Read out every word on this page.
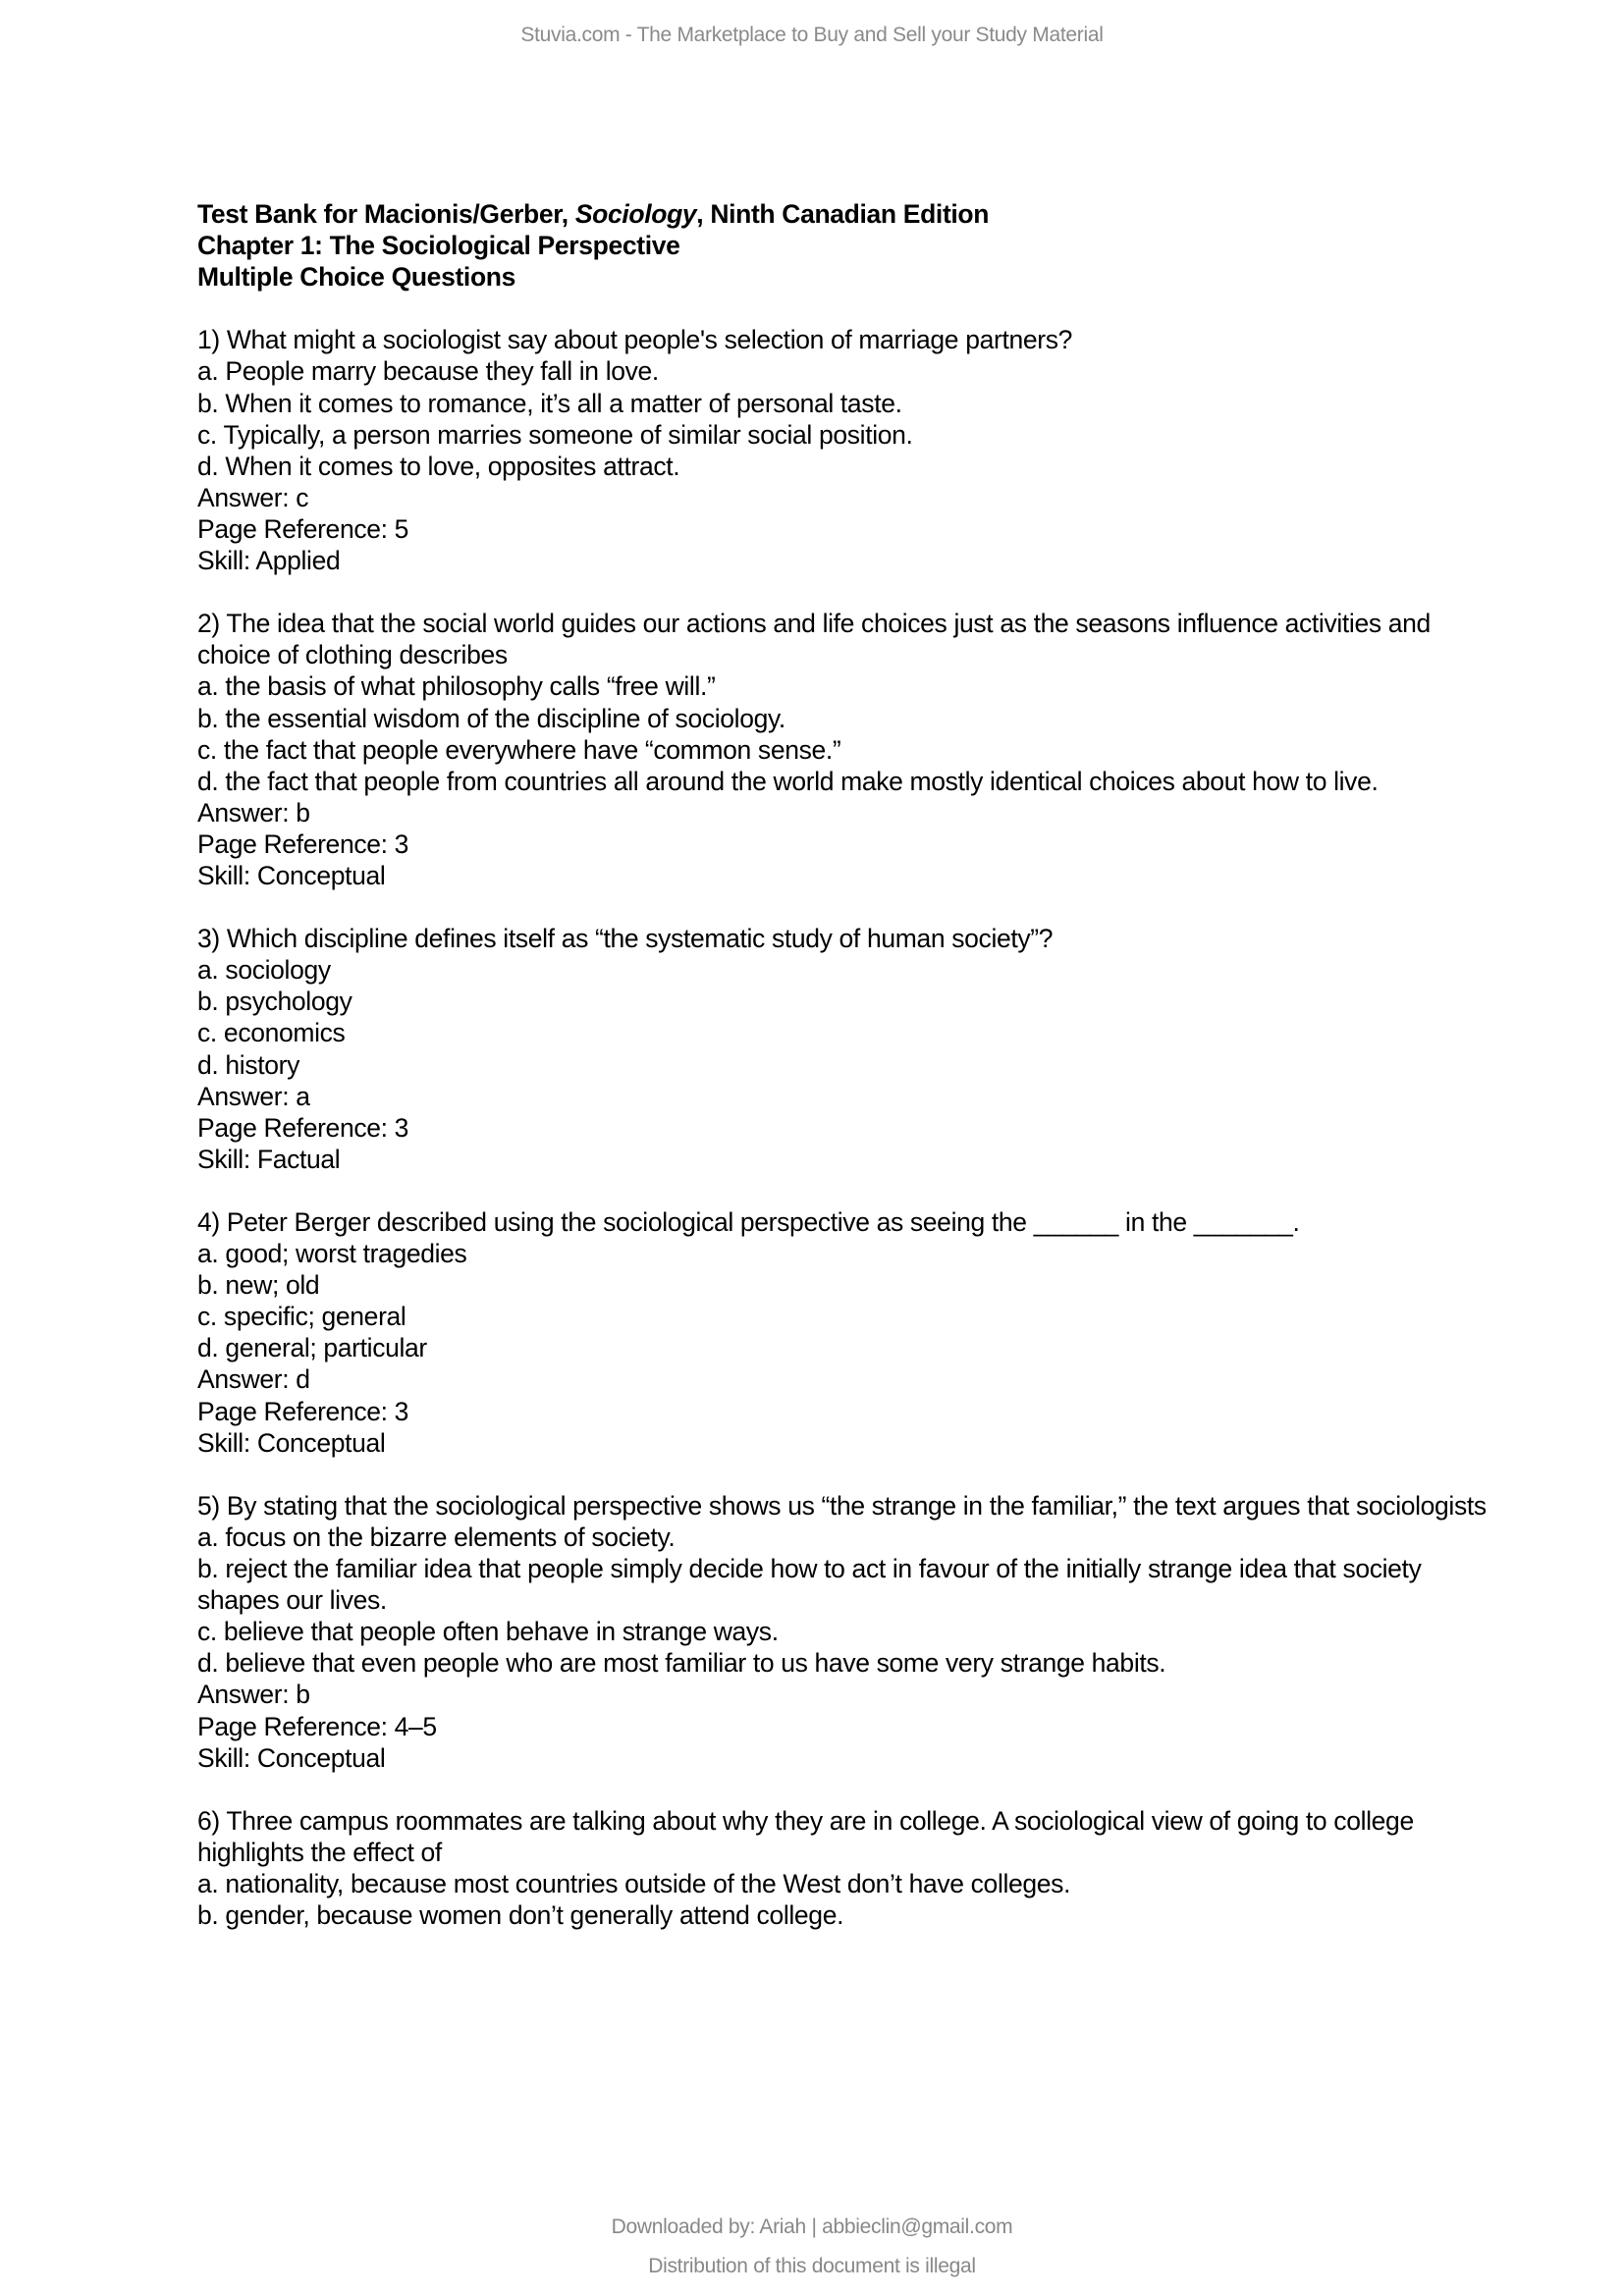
Stuvia.com - The Marketplace to Buy and Sell your Study Material
Test Bank for Macionis/Gerber, Sociology, Ninth Canadian Edition
Chapter 1: The Sociological Perspective
Multiple Choice Questions
1) What might a sociologist say about people's selection of marriage partners?
a. People marry because they fall in love.
b. When it comes to romance, it’s all a matter of personal taste.
c. Typically, a person marries someone of similar social position.
d. When it comes to love, opposites attract.
Answer: c
Page Reference: 5
Skill: Applied
2) The idea that the social world guides our actions and life choices just as the seasons influence activities and choice of clothing describes
a. the basis of what philosophy calls “free will.”
b. the essential wisdom of the discipline of sociology.
c. the fact that people everywhere have “common sense.”
d. the fact that people from countries all around the world make mostly identical choices about how to live.
Answer: b
Page Reference: 3
Skill: Conceptual
3) Which discipline defines itself as “the systematic study of human society”?
a. sociology
b. psychology
c. economics
d. history
Answer: a
Page Reference: 3
Skill: Factual
4) Peter Berger described using the sociological perspective as seeing the ______ in the _______.
a. good; worst tragedies
b. new; old
c. specific; general
d. general; particular
Answer: d
Page Reference: 3
Skill: Conceptual
5) By stating that the sociological perspective shows us “the strange in the familiar,” the text argues that sociologists
a. focus on the bizarre elements of society.
b. reject the familiar idea that people simply decide how to act in favour of the initially strange idea that society shapes our lives.
c. believe that people often behave in strange ways.
d. believe that even people who are most familiar to us have some very strange habits.
Answer: b
Page Reference: 4–5
Skill: Conceptual
6) Three campus roommates are talking about why they are in college. A sociological view of going to college highlights the effect of
a. nationality, because most countries outside of the West don’t have colleges.
b. gender, because women don’t generally attend college.
Downloaded by: Ariah | abbieclin@gmail.com
Distribution of this document is illegal
